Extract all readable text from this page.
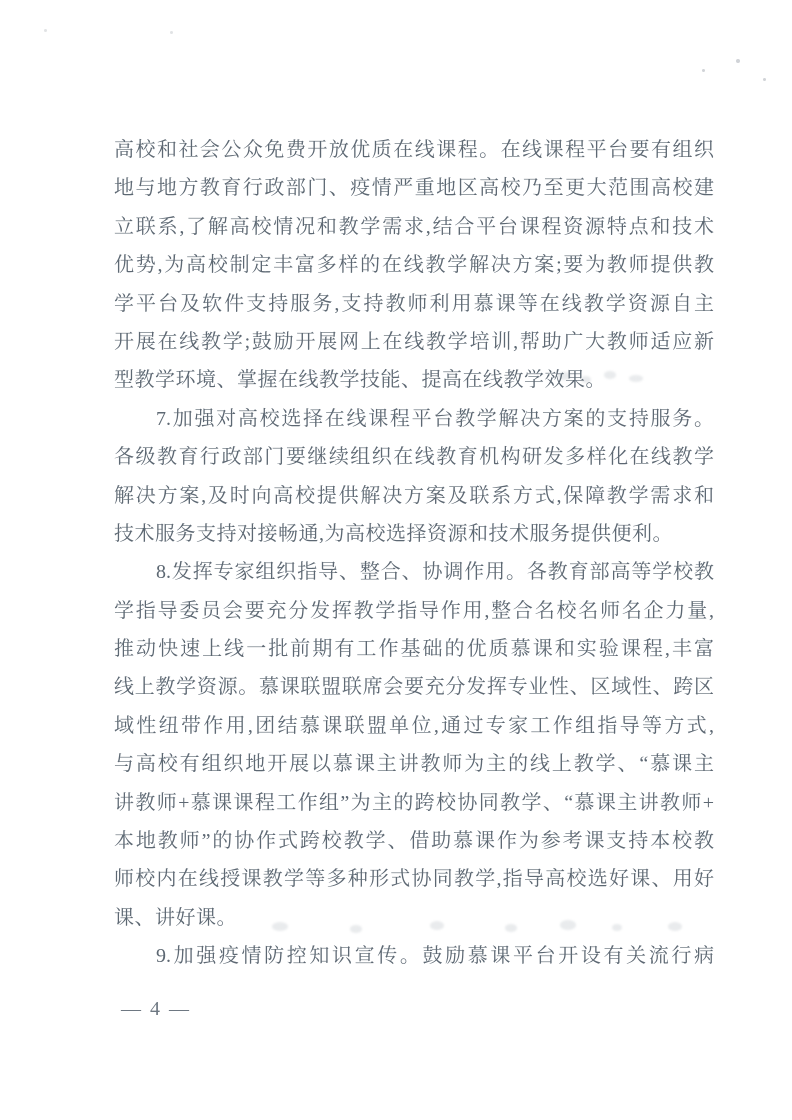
高校和社会公众免费开放优质在线课程。在线课程平台要有组织
地与地方教育行政部门、疫情严重地区高校乃至更大范围高校建
立联系,了解高校情况和教学需求,结合平台课程资源特点和技术
优势,为高校制定丰富多样的在线教学解决方案;要为教师提供教
学平台及软件支持服务,支持教师利用慕课等在线教学资源自主
开展在线教学;鼓励开展网上在线教学培训,帮助广大教师适应新
型教学环境、掌握在线教学技能、提高在线教学效果。
7.加强对高校选择在线课程平台教学解决方案的支持服务。
各级教育行政部门要继续组织在线教育机构研发多样化在线教学
解决方案,及时向高校提供解决方案及联系方式,保障教学需求和
技术服务支持对接畅通,为高校选择资源和技术服务提供便利。
8.发挥专家组织指导、整合、协调作用。各教育部高等学校教
学指导委员会要充分发挥教学指导作用,整合名校名师名企力量,
推动快速上线一批前期有工作基础的优质慕课和实验课程,丰富
线上教学资源。慕课联盟联席会要充分发挥专业性、区域性、跨区
域性纽带作用,团结慕课联盟单位,通过专家工作组指导等方式,
与高校有组织地开展以慕课主讲教师为主的线上教学、“慕课主
讲教师+慕课课程工作组”为主的跨校协同教学、“慕课主讲教师+
本地教师”的协作式跨校教学、借助慕课作为参考课支持本校教
师校内在线授课教学等多种形式协同教学,指导高校选好课、用好
课、讲好课。
9.加强疫情防控知识宣传。鼓励慕课平台开设有关流行病
— 4 —
